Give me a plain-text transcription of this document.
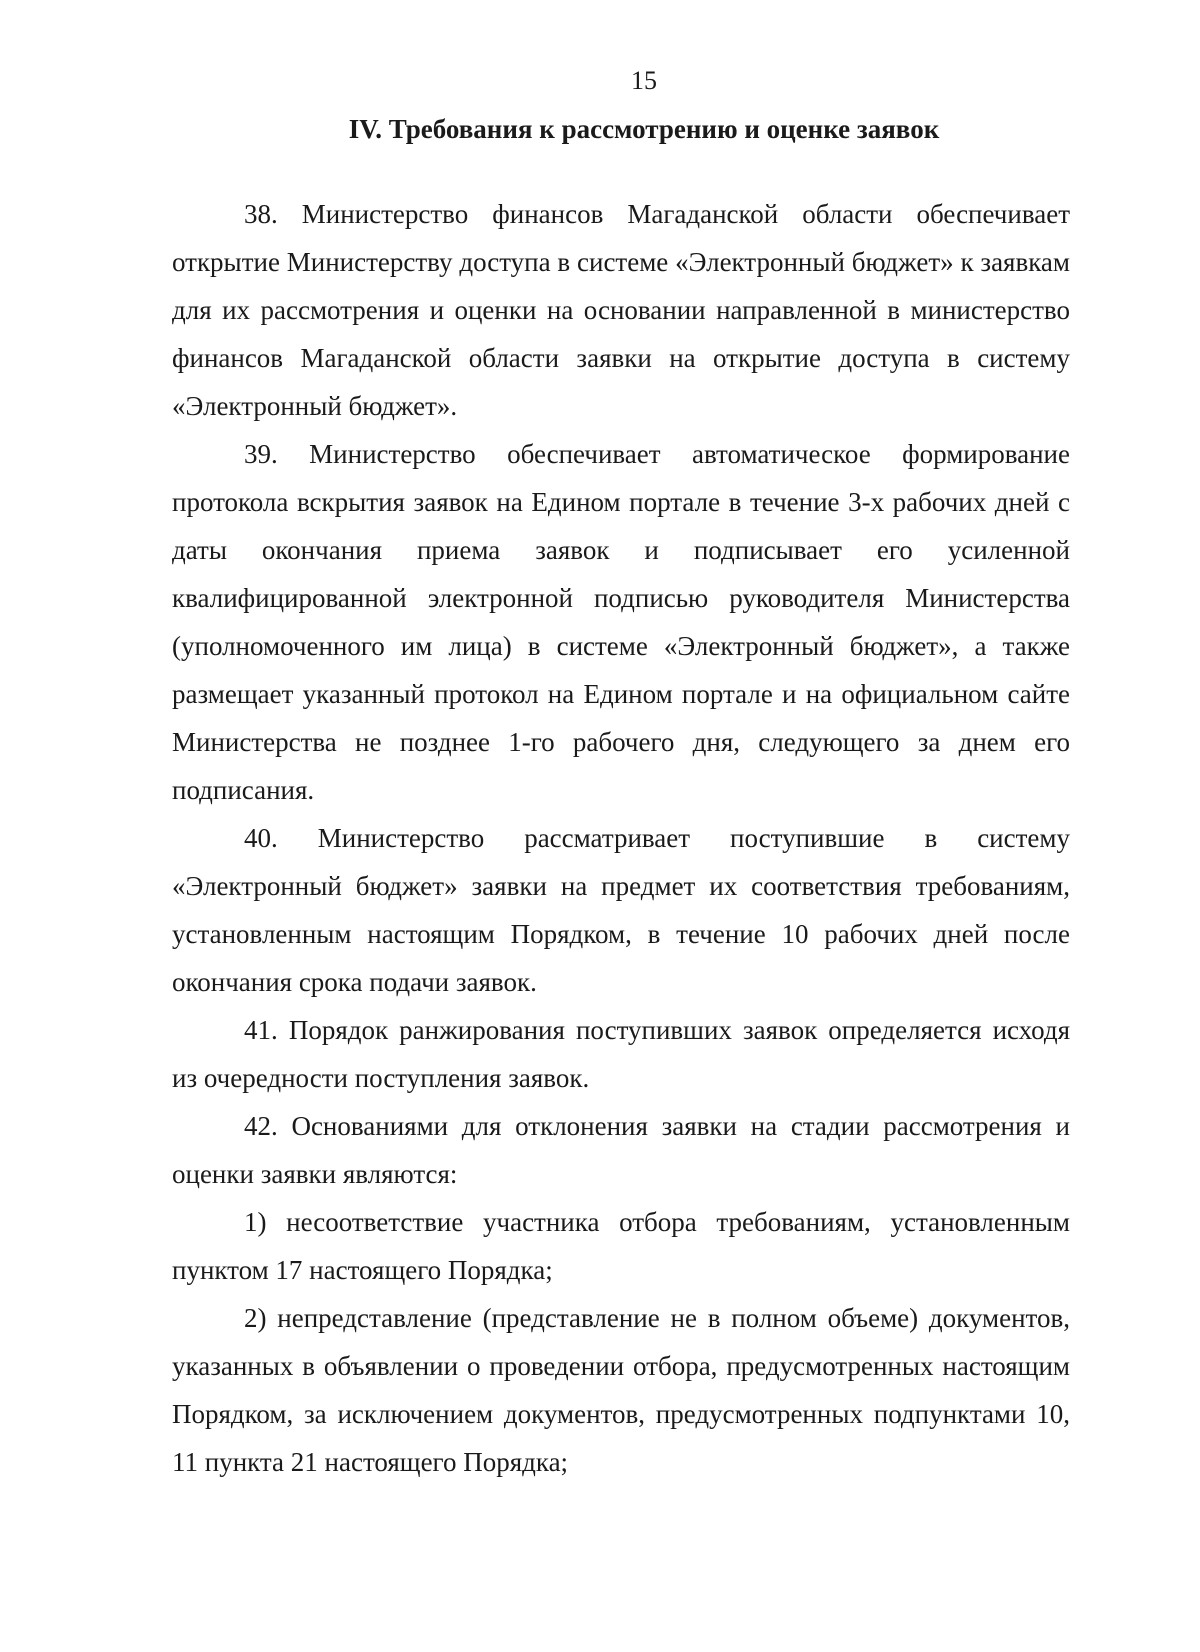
15
IV. Требования к рассмотрению и оценке заявок

38. Министерство финансов Магаданской области обеспечивает открытие Министерству доступа в системе «Электронный бюджет» к заявкам для их рассмотрения и оценки на основании направленной в министерство финансов Магаданской области заявки на открытие доступа в систему «Электронный бюджет».

39. Министерство обеспечивает автоматическое формирование протокола вскрытия заявок на Едином портале в течение 3-х рабочих дней с даты окончания приема заявок и подписывает его усиленной квалифицированной электронной подписью руководителя Министерства (уполномоченного им лица) в системе «Электронный бюджет», а также размещает указанный протокол на Едином портале и на официальном сайте Министерства не позднее 1-го рабочего дня, следующего за днем его подписания.

40. Министерство рассматривает поступившие в систему «Электронный бюджет» заявки на предмет их соответствия требованиям, установленным настоящим Порядком, в течение 10 рабочих дней после окончания срока подачи заявок.

41. Порядок ранжирования поступивших заявок определяется исходя из очередности поступления заявок.

42. Основаниями для отклонения заявки на стадии рассмотрения и оценки заявки являются:

1) несоответствие участника отбора требованиям, установленным пунктом 17 настоящего Порядка;

2) непредставление (представление не в полном объеме) документов, указанных в объявлении о проведении отбора, предусмотренных настоящим Порядком, за исключением документов, предусмотренных подпунктами 10, 11 пункта 21 настоящего Порядка;
